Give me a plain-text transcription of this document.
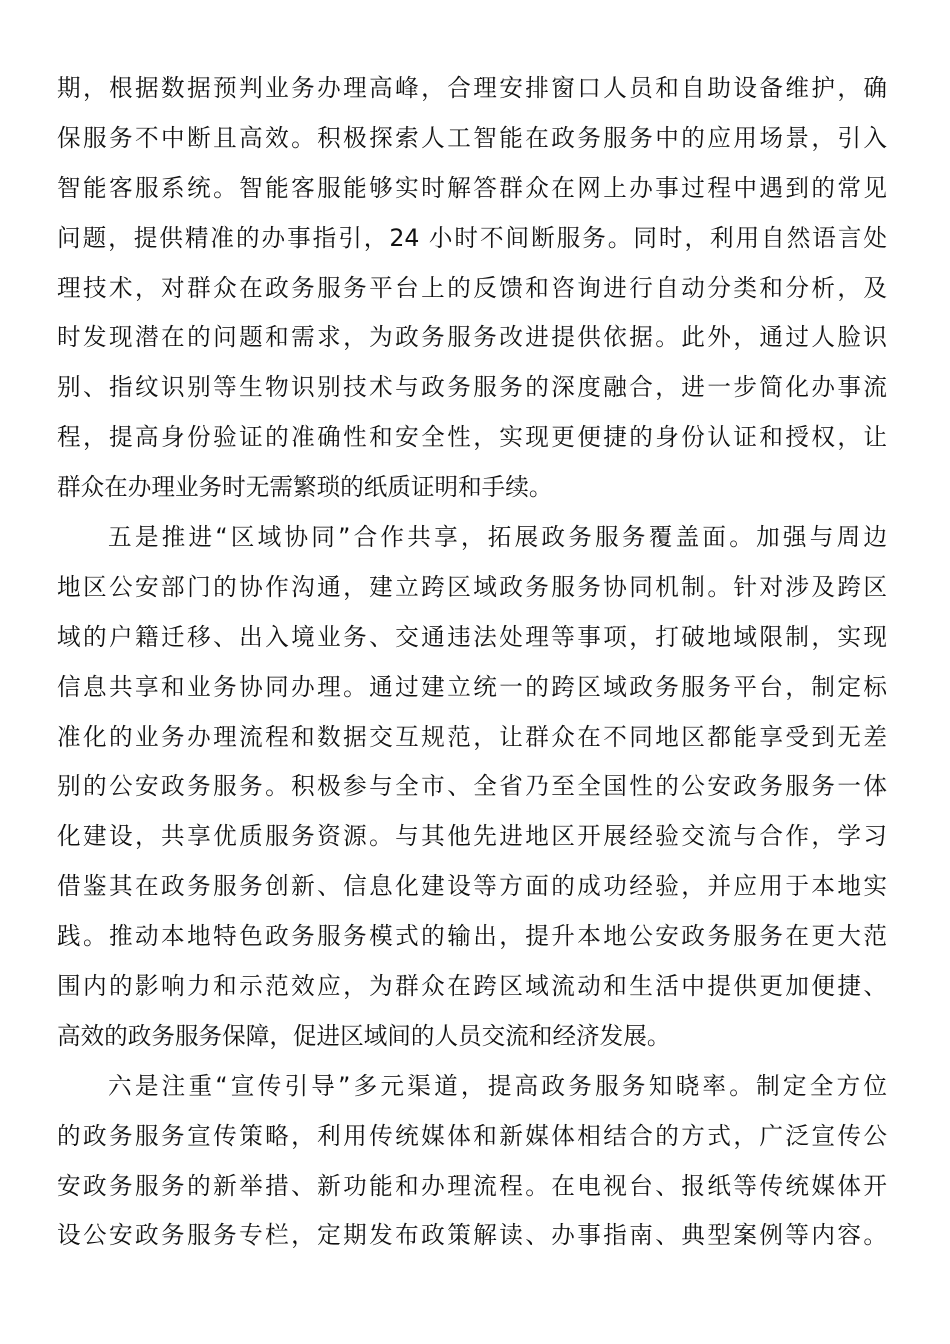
期，根据数据预判业务办理高峰，合理安排窗口人员和自助设备维护，确
保服务不中断且高效。积极探索人工智能在政务服务中的应用场景，引入
智能客服系统。智能客服能够实时解答群众在网上办事过程中遇到的常见
问题，提供精准的办事指引，24 小时不间断服务。同时，利用自然语言处
理技术，对群众在政务服务平台上的反馈和咨询进行自动分类和分析，及
时发现潜在的问题和需求，为政务服务改进提供依据。此外，通过人脸识
别、指纹识别等生物识别技术与政务服务的深度融合，进一步简化办事流
程，提高身份验证的准确性和安全性，实现更便捷的身份认证和授权，让
群众在办理业务时无需繁琐的纸质证明和手续。
五是推进“区域协同”合作共享，拓展政务服务覆盖面。加强与周边
地区公安部门的协作沟通，建立跨区域政务服务协同机制。针对涉及跨区
域的户籍迁移、出入境业务、交通违法处理等事项，打破地域限制，实现
信息共享和业务协同办理。通过建立统一的跨区域政务服务平台，制定标
准化的业务办理流程和数据交互规范，让群众在不同地区都能享受到无差
别的公安政务服务。积极参与全市、全省乃至全国性的公安政务服务一体
化建设，共享优质服务资源。与其他先进地区开展经验交流与合作，学习
借鉴其在政务服务创新、信息化建设等方面的成功经验，并应用于本地实
践。推动本地特色政务服务模式的输出，提升本地公安政务服务在更大范
围内的影响力和示范效应，为群众在跨区域流动和生活中提供更加便捷、
高效的政务服务保障，促进区域间的人员交流和经济发展。
六是注重“宣传引导”多元渠道，提高政务服务知晓率。制定全方位
的政务服务宣传策略，利用传统媒体和新媒体相结合的方式，广泛宣传公
安政务服务的新举措、新功能和办理流程。在电视台、报纸等传统媒体开
设公安政务服务专栏，定期发布政策解读、办事指南、典型案例等内容。
